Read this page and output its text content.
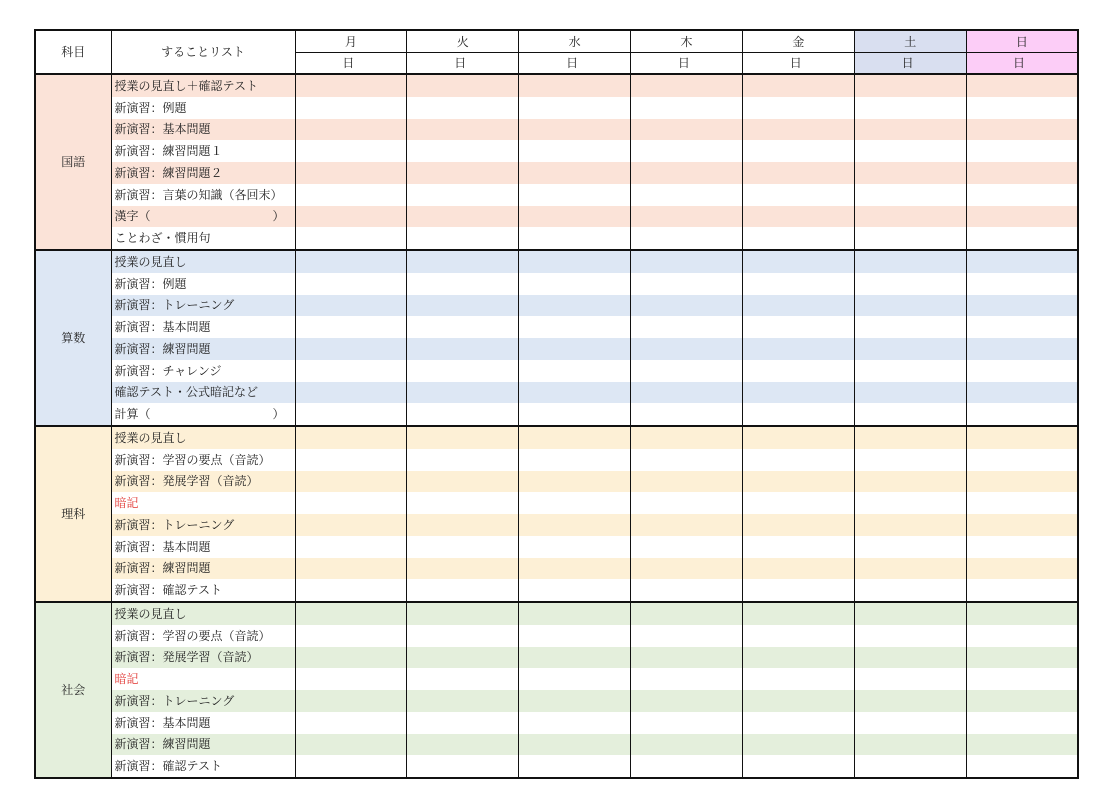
科目	することリスト	月	火	水	木	金	土	日
		日	日	日	日	日	日	日
国語	授業の見直し＋確認テスト							
	新演習：例題							
	新演習：基本問題							
	新演習：練習問題１							
	新演習：練習問題２							
	新演習：言葉の知識（各回末）							
	漢字（ ）							

	ことわざ・慣用句							
算数	授業の見直し							
	新演習：例題							
	新演習：トレーニング							
	新演習：基本問題							
	新演習：練習問題							
	新演習：チャレンジ							
	確認テスト・公式暗記など							
	計算（ ）							

理科	授業の見直し							
	新演習：学習の要点（音読）							
	新演習：発展学習（音読）							
	暗記							
	新演習：トレーニング							
	新演習：基本問題							
	新演習：練習問題							
	新演習：確認テスト							
社会	授業の見直し							
	新演習：学習の要点（音読）							
	新演習：発展学習（音読）							
	暗記							
	新演習：トレーニング							
	新演習：基本問題							
	新演習：練習問題							
	新演習：確認テスト							
